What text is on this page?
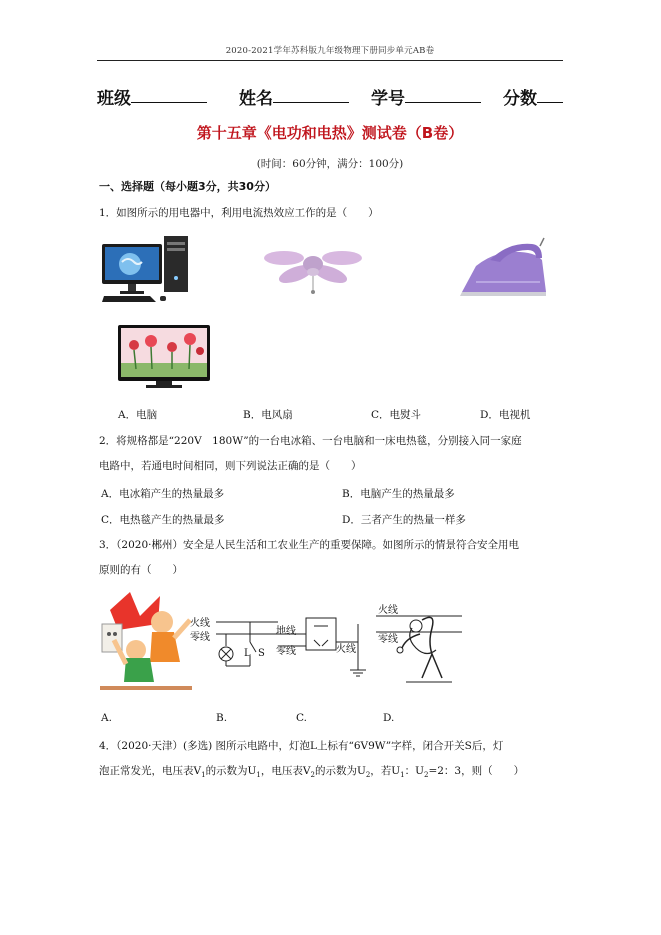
2020-2021学年苏科版九年级物理下册同步单元AB卷
班级	姓名	学号	分数
第十五章《电功和电热》测试卷（B卷）
(时间：60分钟，满分：100分)
一、选择题（每小题3分，共30分）
1．如图所示的用电器中，利用电流热效应工作的是（　　）
A．电脑	B．电风扇	C．电熨斗	D．电视机
2．将规格都是“220V　180W”的一台电冰箱、一台电脑和一床电热毯，分别接入同一家庭
电路中，若通电时间相同，则下列说法正确的是（　　）
A．电冰箱产生的热量最多	B．电脑产生的热量最多
C．电热毯产生的热量最多	D．三者产生的热量一样多
3．（2020·郴州）安全是人民生活和工农业生产的重要保障。如图所示的情景符合安全用电
原则的有（　　）
火线
零线
L S
地线
零线	火线
火线
零线
A.	B.	C.	D.
4．（2020·天津）(多选) 图所示电路中，灯泡L上标有“6V9W”字样，闭合开关S后，灯
泡正常发光，电压表$V_1$的示数为$U_1$，电压表$V_2$的示数为$U_2$，若$U_1$：$U_2=2$：3，则（　　）
